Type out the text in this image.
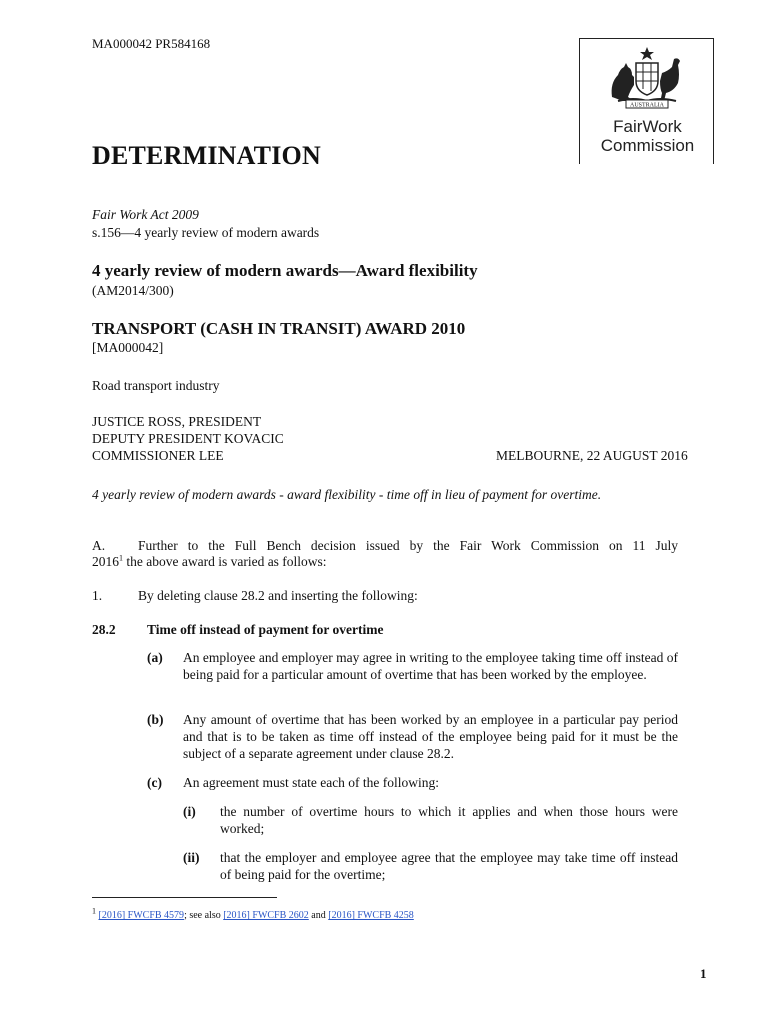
MA000042 PR584168
AUSTRALIA
FairWork
Commission
DETERMINATION
Fair Work Act 2009
s.156—4 yearly review of modern awards
4 yearly review of modern awards—Award flexibility
(AM2014/300)
TRANSPORT (CASH IN TRANSIT) AWARD 2010
[MA000042]
Road transport industry
JUSTICE ROSS, PRESIDENT
DEPUTY PRESIDENT KOVACIC
COMMISSIONER LEE	MELBOURNE, 22 AUGUST 2016
4 yearly review of modern awards - award flexibility - time off in lieu of payment for overtime.
A. Further to the Full Bench decision issued by the Fair Work Commission on 11 July
2016$^1$ the above award is varied as follows:
1.	By deleting clause 28.2 and inserting the following:
28.2 Time off instead of payment for overtime
(a) An employee and employer may agree in writing to the employee taking time off instead of being paid for a particular amount of overtime that has been worked by the employee.
(b) Any amount of overtime that has been worked by an employee in a particular pay period and that is to be taken as time off instead of the employee being paid for it must be the subject of a separate agreement under clause 28.2.
(c) An agreement must state each of the following:
(i) the number of overtime hours to which it applies and when those hours were worked;
(ii) that the employer and employee agree that the employee may take time off instead of being paid for the overtime;
$^1$ [2016] FWCFB 4579; see also [2016] FWCFB 2602 and [2016] FWCFB 4258
1
